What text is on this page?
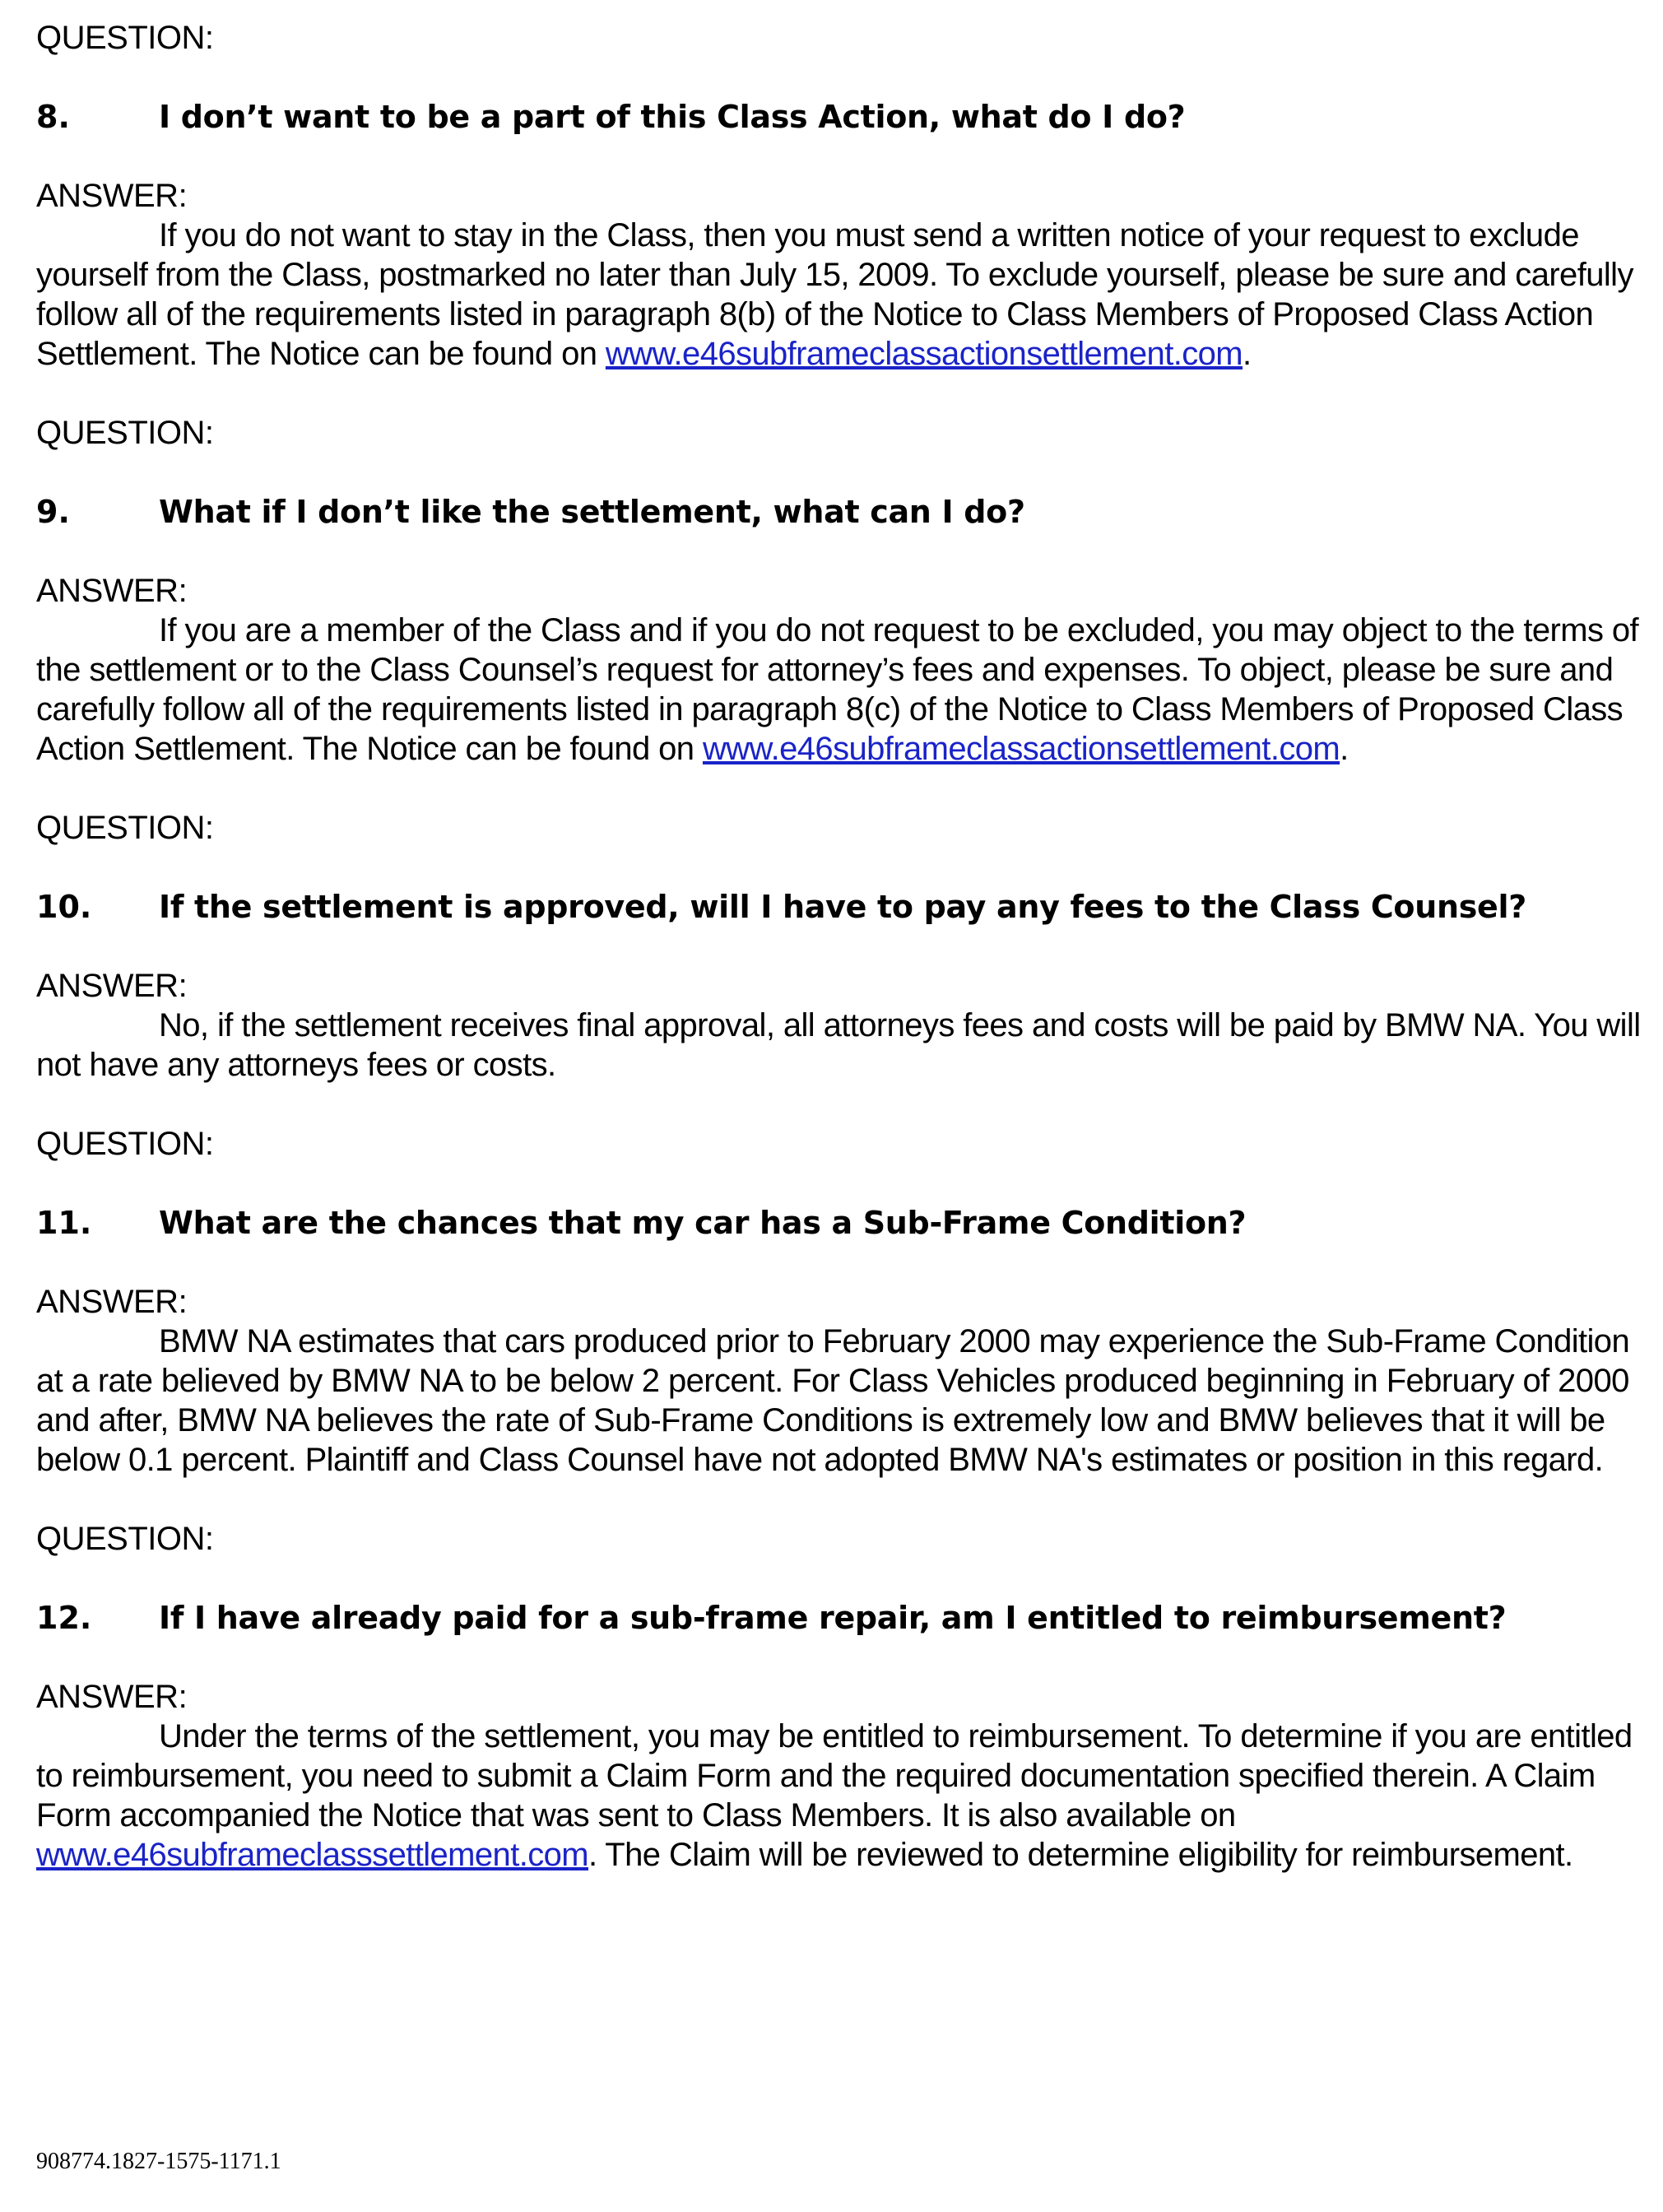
QUESTION:

8.	I don’t want to be a part of this Class Action, what do I do?

ANSWER:

If you do not want to stay in the Class, then you must send a written notice of your request to exclude yourself from the Class, postmarked no later than July 15, 2009. To exclude yourself, please be sure and carefully follow all of the requirements listed in paragraph 8(b) of the Notice to Class Members of Proposed Class Action Settlement. The Notice can be found on www.e46subframeclassactionsettlement.com.

QUESTION:

9.	What if I don’t like the settlement, what can I do?

ANSWER:

If you are a member of the Class and if you do not request to be excluded, you may object to the terms of the settlement or to the Class Counsel’s request for attorney’s fees and expenses. To object, please be sure and carefully follow all of the requirements listed in paragraph 8(c) of the Notice to Class Members of Proposed Class Action Settlement. The Notice can be found on www.e46subframeclassactionsettlement.com.

QUESTION:

10.	If the settlement is approved, will I have to pay any fees to the Class Counsel?

ANSWER:

No, if the settlement receives final approval, all attorneys fees and costs will be paid by BMW NA. You will not have any attorneys fees or costs.

QUESTION:

11.	What are the chances that my car has a Sub-Frame Condition?

ANSWER:

BMW NA estimates that cars produced prior to February 2000 may experience the Sub-Frame Condition at a rate believed by BMW NA to be below 2 percent. For Class Vehicles produced beginning in February of 2000 and after, BMW NA believes the rate of Sub-Frame Conditions is extremely low and BMW believes that it will be below 0.1 percent. Plaintiff and Class Counsel have not adopted BMW NA's estimates or position in this regard.

QUESTION:

12.	If I have already paid for a sub-frame repair, am I entitled to reimbursement?

ANSWER:

Under the terms of the settlement, you may be entitled to reimbursement. To determine if you are entitled to reimbursement, you need to submit a Claim Form and the required documentation specified therein. A Claim Form accompanied the Notice that was sent to Class Members. It is also available on www.e46subframeclasssettlement.com. The Claim will be reviewed to determine eligibility for reimbursement.

908774.1827-1575-1171.1
